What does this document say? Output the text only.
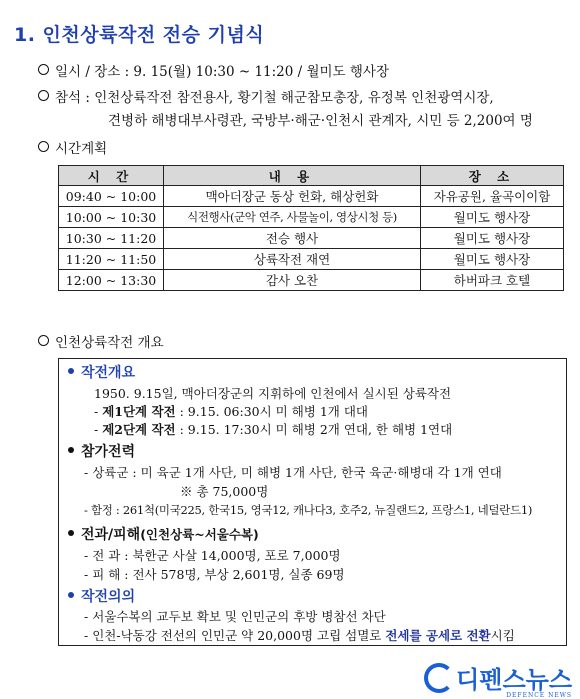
1. 인천상륙작전 전승 기념식
일시 / 장소 : 9. 15(월) 10:30 ~ 11:20 / 월미도 행사장
참석 : 인천상륙작전 참전용사, 황기철 해군참모총장, 유정복 인천광역시장,
견병하 해병대부사령관, 국방부·해군·인천시 관계자, 시민 등 2,200여 명
시간계획
시 간	내 용	장 소
09:40 ~ 10:00	맥아더장군 동상 헌화, 해상헌화	자유공원, 율곡이이함
10:00 ~ 10:30	식전행사(군악 연주, 사물놀이, 영상시청 등)	월미도 행사장
10:30 ~ 11:20	전승 행사	월미도 행사장
11:20 ~ 11:50	상륙작전 재연	월미도 행사장
12:00 ~ 13:30	감사 오찬	하버파크 호텔
인천상륙작전 개요
작전개요
1950. 9.15일, 맥아더장군의 지휘하에 인천에서 실시된 상륙작전
- 제1단계 작전 : 9.15. 06:30시 미 해병 1개 대대
- 제2단계 작전 : 9.15. 17:30시 미 해병 2개 연대, 한 해병 1연대
참가전력
- 상륙군 : 미 육군 1개 사단, 미 해병 1개 사단, 한국 육군·해병대 각 1개 연대
※ 총 75,000명
- 함정 : 261척(미국225, 한국15, 영국12, 캐나다3, 호주2, 뉴질랜드2, 프랑스1, 네덜란드1)
전과/피해(인천상륙~서울수복)
- 전 과 : 북한군 사살 14,000명, 포로 7,000명
- 피 해 : 전사 578명, 부상 2,601명, 실종 69명
작전의의
- 서울수복의 교두보 확보 및 인민군의 후방 병참선 차단
- 인천-낙동강 전선의 인민군 약 20,000명 고립 섬멸로 전세를 공세로 전환시킴
디펜스뉴스
DEFENCE NEWS
